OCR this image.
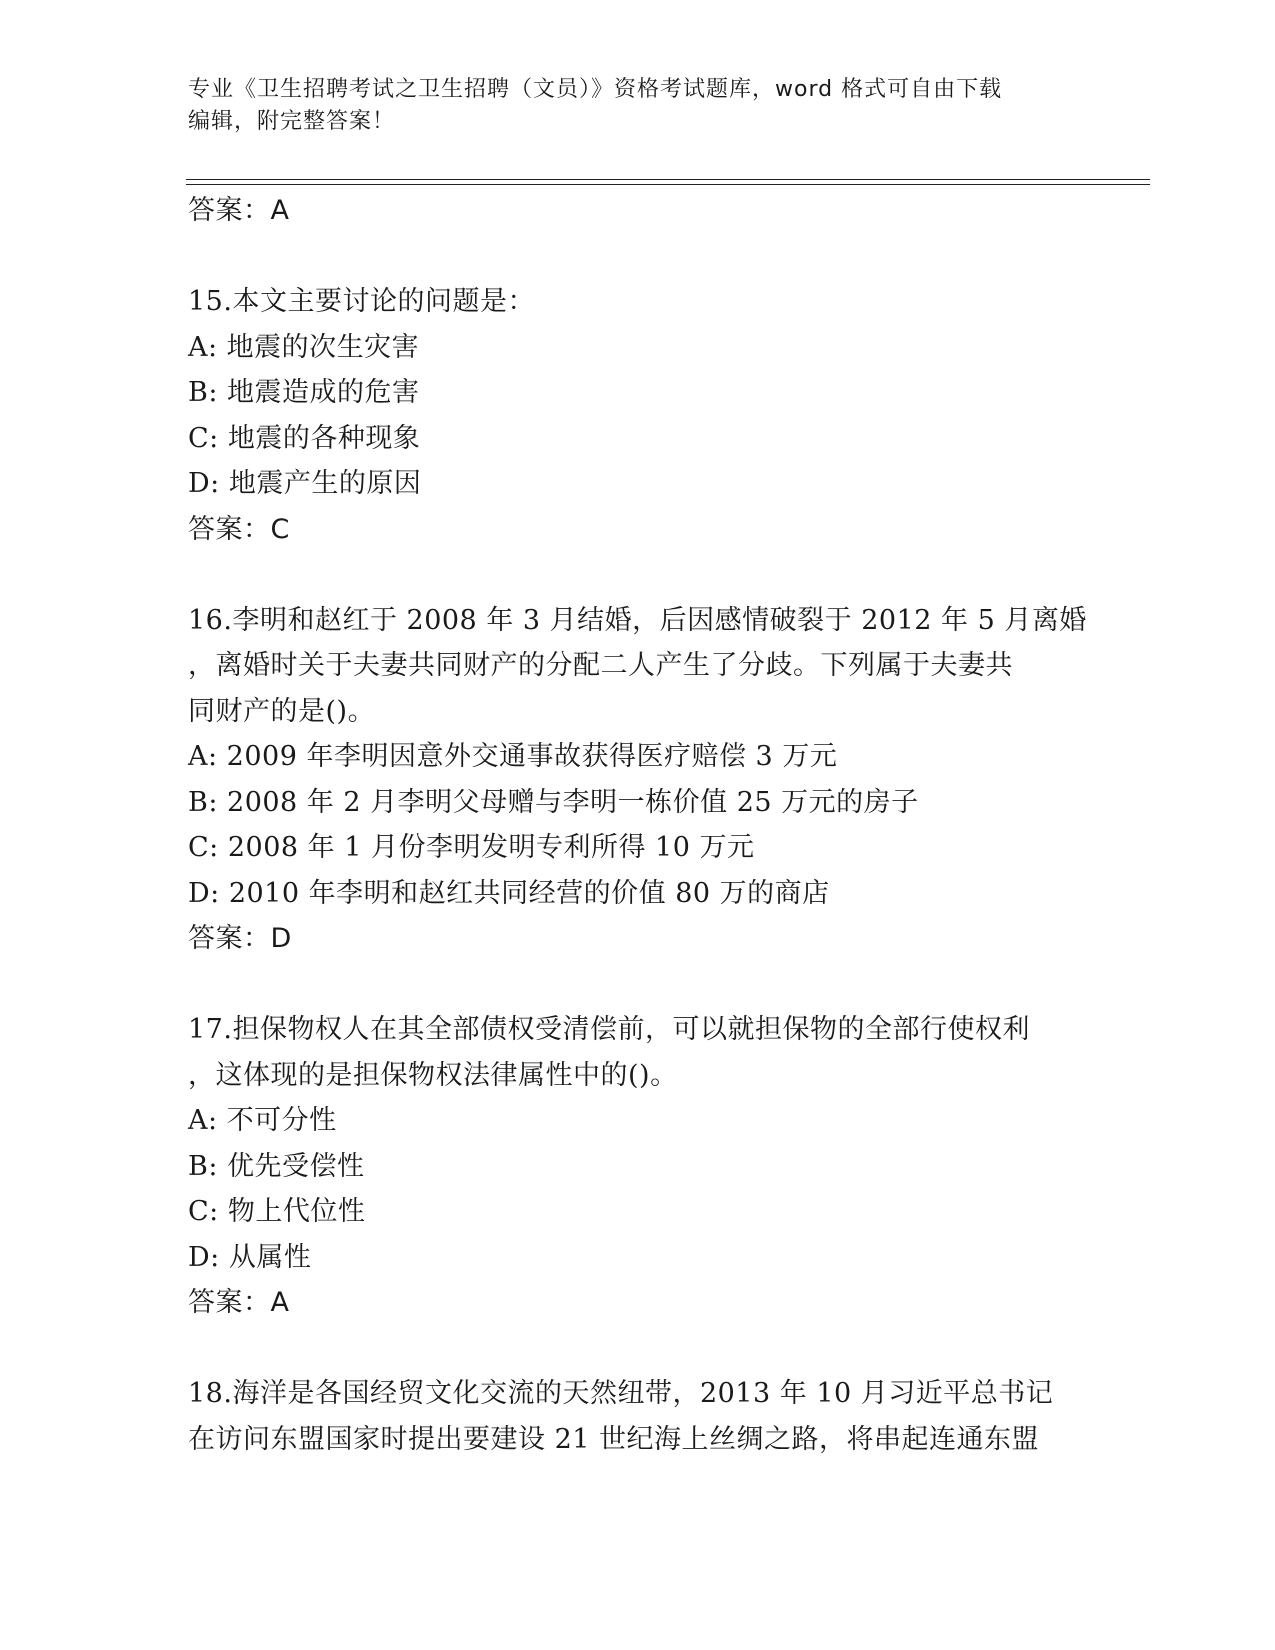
专业《卫生招聘考试之卫生招聘（文员）》资格考试题库，word 格式可自由下载
编辑，附完整答案！
答案：A
15.本文主要讨论的问题是：
A: 地震的次生灾害
B: 地震造成的危害
C: 地震的各种现象
D: 地震产生的原因
答案：C
16.李明和赵红于 2008 年 3 月结婚，后因感情破裂于 2012 年 5 月离婚
，离婚时关于夫妻共同财产的分配二人产生了分歧。下列属于夫妻共
同财产的是()。
A: 2009 年李明因意外交通事故获得医疗赔偿 3 万元
B: 2008 年 2 月李明父母赠与李明一栋价值 25 万元的房子
C: 2008 年 1 月份李明发明专利所得 10 万元
D: 2010 年李明和赵红共同经营的价值 80 万的商店
答案：D
17.担保物权人在其全部债权受清偿前，可以就担保物的全部行使权利
，这体现的是担保物权法律属性中的()。
A: 不可分性
B: 优先受偿性
C: 物上代位性
D: 从属性
答案：A
18.海洋是各国经贸文化交流的天然纽带，2013 年 10 月习近平总书记
在访问东盟国家时提出要建设 21 世纪海上丝绸之路，将串起连通东盟
